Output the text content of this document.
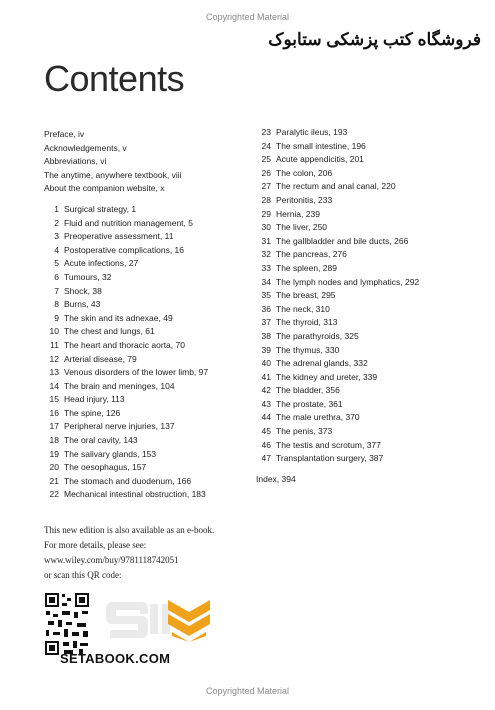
Copyrighted Material
فروشگاه کتب پزشکی ستابوک
Contents
Preface, iv
Acknowledgements, v
Abbreviations, vi
The anytime, anywhere textbook, viii
About the companion website, x
1 Surgical strategy, 1
2 Fluid and nutrition management, 5
3 Preoperative assessment, 11
4 Postoperative complications, 16
5 Acute infections, 27
6 Tumours, 32
7 Shock, 38
8 Burns, 43
9 The skin and its adnexae, 49
10 The chest and lungs, 61
11 The heart and thoracic aorta, 70
12 Arterial disease, 79
13 Venous disorders of the lower limb, 97
14 The brain and meninges, 104
15 Head injury, 113
16 The spine, 126
17 Peripheral nerve injuries, 137
18 The oral cavity, 143
19 The salivary glands, 153
20 The oesophagus, 157
21 The stomach and duodenum, 166
22 Mechanical intestinal obstruction, 183
23 Paralytic ileus, 193
24 The small intestine, 196
25 Acute appendicitis, 201
26 The colon, 206
27 The rectum and anal canal, 220
28 Peritonitis, 233
29 Hernia, 239
30 The liver, 250
31 The gallbladder and bile ducts, 266
32 The pancreas, 276
33 The spleen, 289
34 The lymph nodes and lymphatics, 292
35 The breast, 295
36 The neck, 310
37 The thyroid, 313
38 The parathyroids, 325
39 The thymus, 330
40 The adrenal glands, 332
41 The kidney and ureter, 339
42 The bladder, 356
43 The prostate, 361
44 The male urethra, 370
45 The penis, 373
46 The testis and scrotum, 377
47 Transplantation surgery, 387
Index, 394
This new edition is also available as an e-book.
For more details, please see:
www.wiley.com/buy/9781118742051
or scan this QR code:
SETABOOK.COM
Copyrighted Material
